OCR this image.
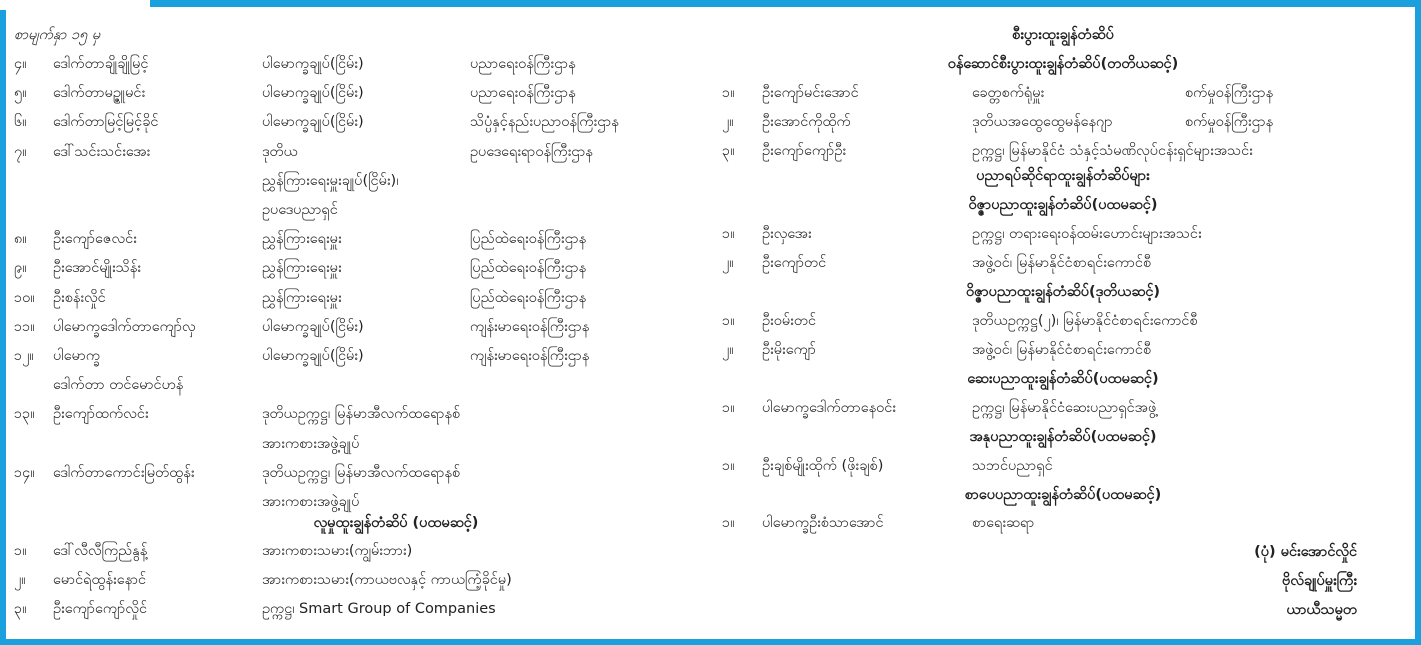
စာမျက်နှာ ၁၅ မှ
၄။ ဒေါက်တာချိုချိုမြင့်	ပါမောက္ခချုပ်(ငြိမ်း)	ပညာရေးဝန်ကြီးဌာန
၅။ ဒေါက်တာမဥ္ဇူမင်း	ပါမောက္ခချုပ်(ငြိမ်း)	ပညာရေးဝန်ကြီးဌာန
၆။ ဒေါက်တာမြင့်မြင့်ခိုင်	ပါမောက္ခချုပ်(ငြိမ်း)	သိပ္ပံနှင့်နည်းပညာဝန်ကြီးဌာန
၇။ ဒေါ်သင်းသင်းအေး	ဒုတိယ	ဥပဒေရေးရာဝန်ကြီးဌာန
ညွှန်ကြားရေးမှူးချုပ်(ငြိမ်း)၊
ဥပဒေပညာရှင်
၈။ ဦးကျော်ဇေလင်း	ညွှန်ကြားရေးမှူး	ပြည်ထဲရေးဝန်ကြီးဌာန
၉။ ဦးအောင်မျိုးသိန်း	ညွှန်ကြားရေးမှူး	ပြည်ထဲရေးဝန်ကြီးဌာန
၁၀။ ဦးစန်းလှိုင်	ညွှန်ကြားရေးမှူး	ပြည်ထဲရေးဝန်ကြီးဌာန
၁၁။ ပါမောက္ခဒေါက်တာကျော်လှ	ပါမောက္ခချုပ်(ငြိမ်း)	ကျန်းမာရေးဝန်ကြီးဌာန
၁၂။ ပါမောက္ခ	ပါမောက္ခချုပ်(ငြိမ်း)	ကျန်းမာရေးဝန်ကြီးဌာန
ဒေါက်တာ တင်မောင်ဟန်
၁၃။ ဦးကျော်ထက်လင်း	ဒုတိယဥက္ကဋ္ဌ၊ မြန်မာအီလက်ထရောနစ်
အားကစားအဖွဲ့ချုပ်
၁၄။ ဒေါက်တာကောင်းမြတ်ထွန်း	ဒုတိယဥက္ကဋ္ဌ၊ မြန်မာအီလက်ထရောနစ်
အားကစားအဖွဲ့ချုပ်
လူမှုထူးချွန်တံဆိပ် (ပထမဆင့်)
၁။ ဒေါ်လီလီကြည်နွန့်	အားကစားသမား(ကျွမ်းဘား)
၂။ မောင်ရဲထွန်းနောင်	အားကစားသမား(ကာယဗလနှင့် ကာယကြံ့ခိုင်မှု)
၃။ ဦးကျော်ကျော်လှိုင်	ဥက္ကဋ္ဌ၊ Smart Group of Companies
စီးပွားထူးချွန်တံဆိပ်
ဝန်ဆောင်စီးပွားထူးချွန်တံဆိပ်(တတိယဆင့်)
၁။ ဦးကျော်မင်းအောင်	ခေတ္တစက်ရုံမှူး	စက်မှုဝန်ကြီးဌာန
၂။ ဦးအောင်ကိုထိုက်	ဒုတိယအထွေထွေမန်နေဂျာ	စက်မှုဝန်ကြီးဌာန
၃။ ဦးကျော်ကျော်ဦး	ဥက္ကဋ္ဌ၊ မြန်မာနိုင်ငံ သံနှင့်သံမဏိလုပ်ငန်းရှင်များအသင်း
ပညာရပ်ဆိုင်ရာထူးချွန်တံဆိပ်များ
ဝိဇ္ဇာပညာထူးချွန်တံဆိပ်(ပထမဆင့်)
၁။ ဦးလှအေး	ဥက္ကဋ္ဌ၊ တရားရေးဝန်ထမ်းဟောင်းများအသင်း
၂။ ဦးကျော်တင်	အဖွဲ့ဝင်၊ မြန်မာနိုင်ငံစာရင်းကောင်စီ
ဝိဇ္ဇာပညာထူးချွန်တံဆိပ်(ဒုတိယဆင့်)
၁။ ဦးဝမ်းတင်	ဒုတိယဥက္ကဋ္ဌ(၂)၊ မြန်မာနိုင်ငံစာရင်းကောင်စီ
၂။ ဦးမိုးကျော်	အဖွဲ့ဝင်၊ မြန်မာနိုင်ငံစာရင်းကောင်စီ
ဆေးပညာထူးချွန်တံဆိပ်(ပထမဆင့်)
၁။ ပါမောက္ခဒေါက်တာနေဝင်း	ဥက္ကဋ္ဌ၊ မြန်မာနိုင်ငံဆေးပညာရှင်အဖွဲ့
အနုပညာထူးချွန်တံဆိပ်(ပထမဆင့်)
၁။ ဦးချစ်မျိုးထိုက် (ဖိုးချစ်)	သဘင်ပညာရှင်
စာပေပညာထူးချွန်တံဆိပ်(ပထမဆင့်)
၁။ ပါမောက္ခဦးစံသာအောင်	စာရေးဆရာ
(ပုံ) မင်းအောင်လှိုင်
ဗိုလ်ချုပ်မှူးကြီး
ယာယီသမ္မတ
